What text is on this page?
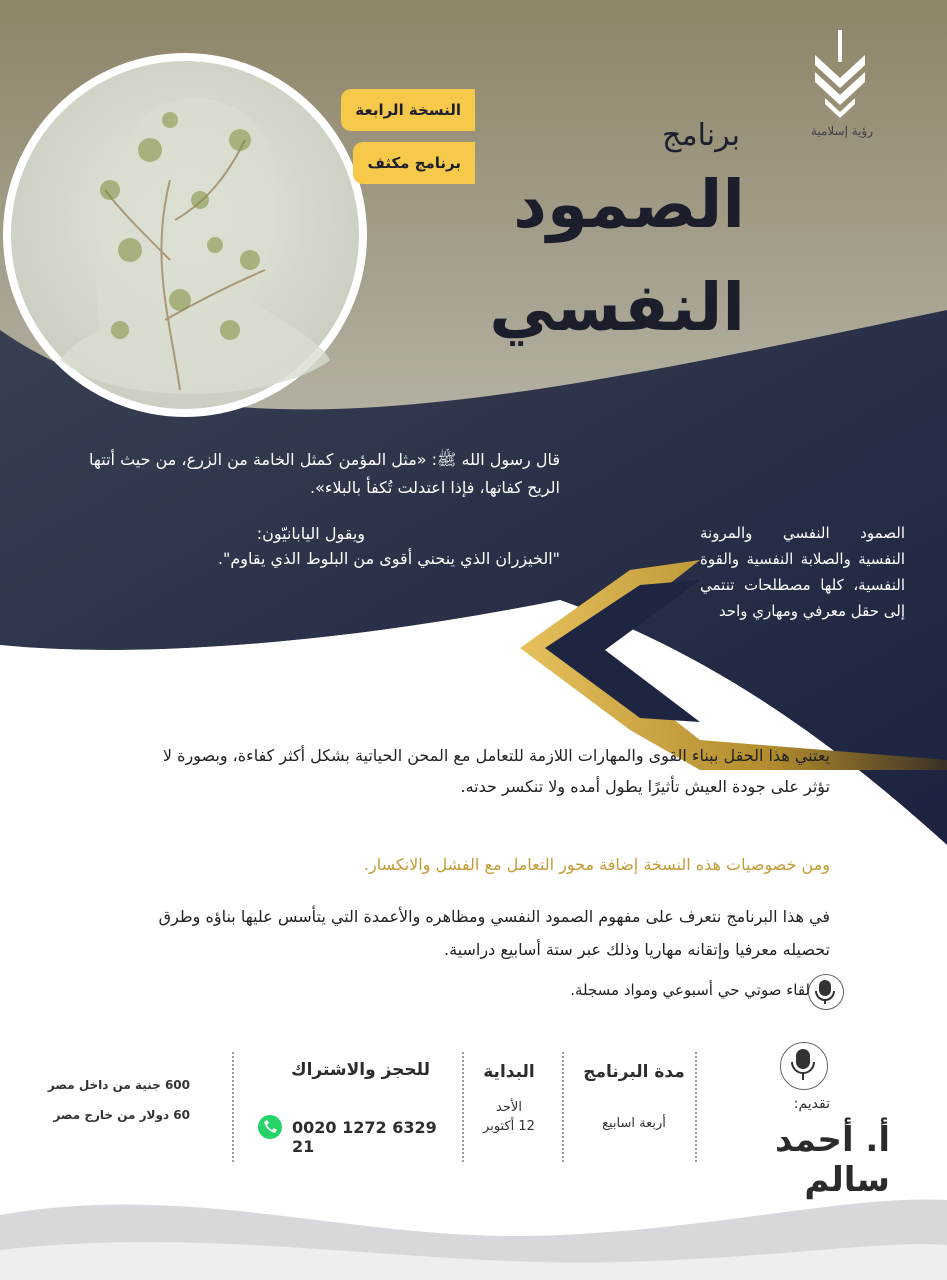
رؤية إسلامية
النسخة الرابعة
برنامج مكثف
برنامج
الصمود
النفسي
قال رسول الله ﷺ: «مثل المؤمن كمثل الخامة من الزرع، من حيث أتتها الريح كفاتها، فإذا اعتدلت تُكفأ بالبلاء».
ويقول اليابانيّون:
"الخيزران الذي ينحني أقوى من البلوط الذي يقاوم".
الصمود النفسي والمرونة النفسية والصلابة النفسية والقوة النفسية، كلها مصطلحات تنتمي إلى حقل معرفي ومهاري واحد
يعتني هذا الحقل ببناء القوى والمهارات اللازمة للتعامل مع المحن الحياتية بشكل أكثر كفاءة، وبصورة لا تؤثر على جودة العيش تأثيرًا يطول أمده ولا تنكسر حدته.
ومن خصوصيات هذه النسخة إضافة محور التعامل مع الفشل والانكسار.
في هذا البرنامج نتعرف على مفهوم الصمود النفسي ومظاهره والأعمدة التي يتأسس عليها بناؤه وطرق تحصيله معرفيا وإتقانه مهاريا وذلك عبر ستة أسابيع دراسية.
لقاء صوتي حي أسبوعي ومواد مسجلة.
تقديم:
أ. أحمد سالم
مدة البرنامج
أربعة اسابيع
البداية
الأحد
12 أكتوبر
للحجز والاشتراك
0020 1272 6329 21
600 جنية من داخل مصر
60 دولار من خارج مصر
